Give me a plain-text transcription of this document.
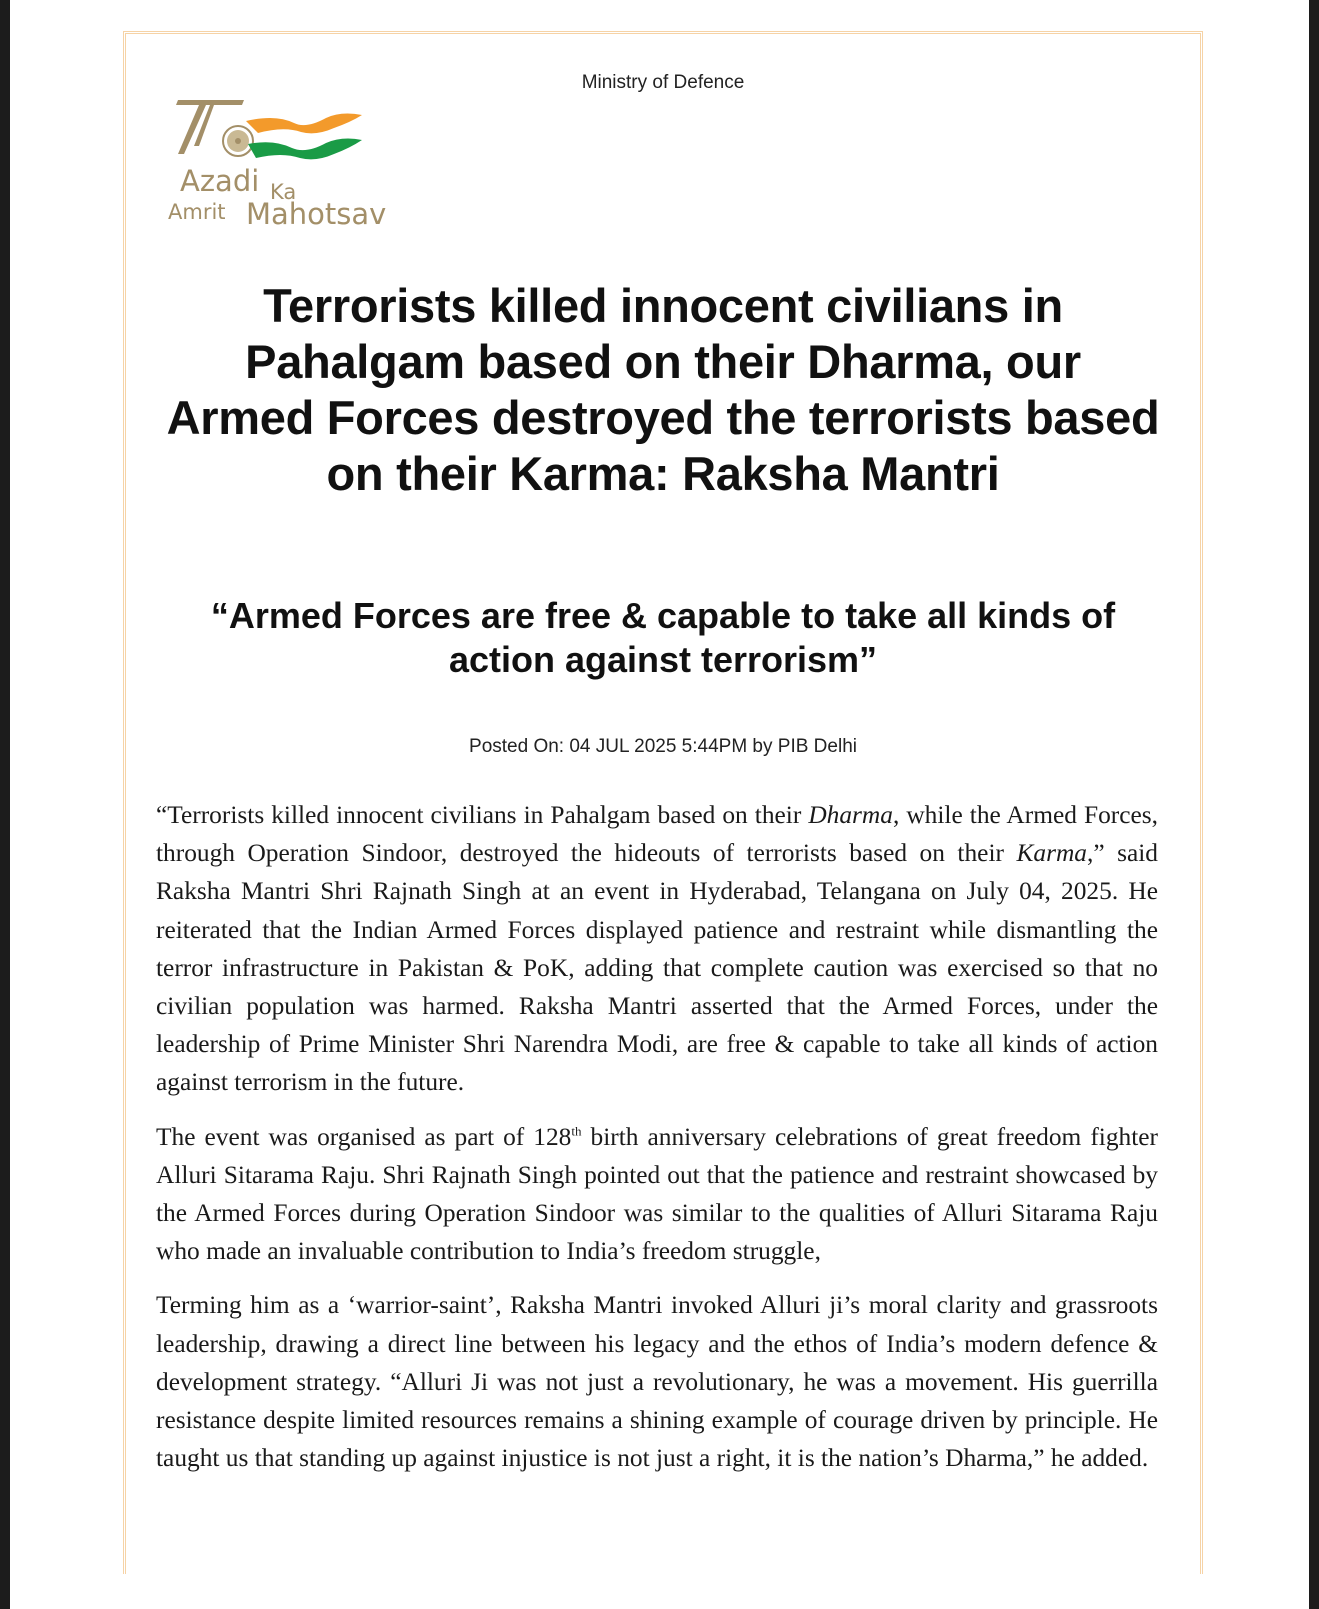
Ministry of Defence
Azadi Ka
Amrit Mahotsav
Terrorists killed innocent civilians in Pahalgam based on their Dharma, our Armed Forces destroyed the terrorists based on their Karma: Raksha Mantri
“Armed Forces are free & capable to take all kinds of action against terrorism”
Posted On: 04 JUL 2025 5:44PM by PIB Delhi

“Terrorists killed innocent civilians in Pahalgam based on their Dharma, while the Armed Forces, through Operation Sindoor, destroyed the hideouts of terrorists based on their Karma,” said Raksha Mantri Shri Rajnath Singh at an event in Hyderabad, Telangana on July 04, 2025. He reiterated that the Indian Armed Forces displayed patience and restraint while dismantling the terror infrastructure in Pakistan & PoK, adding that complete caution was exercised so that no civilian population was harmed. Raksha Mantri asserted that the Armed Forces, under the leadership of Prime Minister Shri Narendra Modi, are free & capable to take all kinds of action against terrorism in the future.

The event was organised as part of 128th birth anniversary celebrations of great freedom fighter Alluri Sitarama Raju. Shri Rajnath Singh pointed out that the patience and restraint showcased by the Armed Forces during Operation Sindoor was similar to the qualities of Alluri Sitarama Raju who made an invaluable contribution to India’s freedom struggle,

Terming him as a ‘warrior-saint’, Raksha Mantri invoked Alluri ji’s moral clarity and grassroots leadership, drawing a direct line between his legacy and the ethos of India’s modern defence & development strategy. “Alluri Ji was not just a revolutionary, he was a movement. His guerrilla resistance despite limited resources remains a shining example of courage driven by principle. He taught us that standing up against injustice is not just a right, it is the nation’s Dharma,” he added.
